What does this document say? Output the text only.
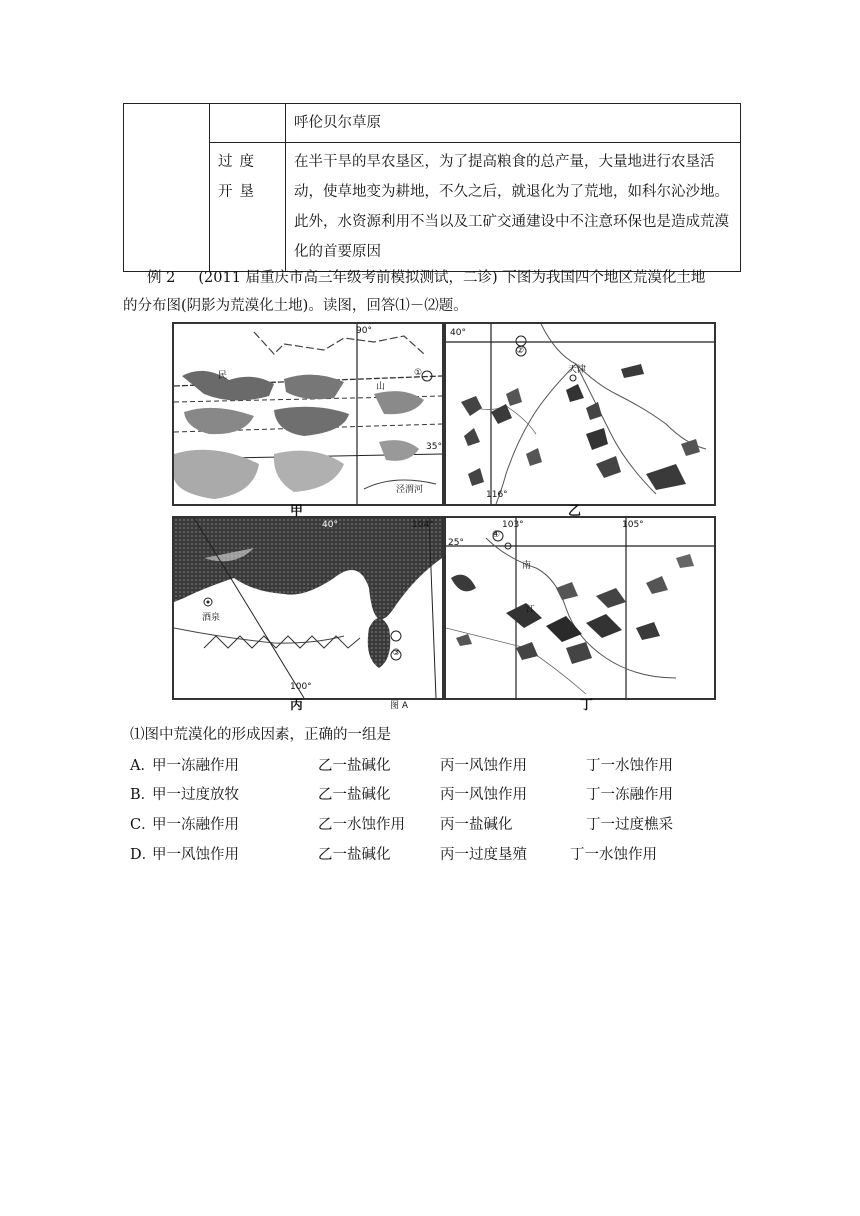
		呼伦贝尔草原

	过度开垦	在半干旱的旱农垦区，为了提高粮食的总产量，大量地进行农垦活动，使草地变为耕地，不久之后，就退化为了荒地，如科尔沁沙地。此外，水资源利用不当以及工矿交通建设中不注意环保也是造成荒漠化的首要原因
例 2 (2011 届重庆市高三年级考前模拟测试，二诊) 下图为我国四个地区荒漠化土地
的分布图(阴影为荒漠化土地)。读图，回答⑴－⑵题。
90°
①
35°
泾渭河
民
山
40°
②
天津
116°
40°	104°
酒泉
③
100°
103°
④
105°
25°
南
江
甲	乙
丙	图 A	丁
⑴图中荒漠化的形成因素，正确的一组是
A．
甲一冻融作用	乙一盐碱化	丙一风蚀作用	丁一水蚀作用
B．
甲一过度放牧	乙一盐碱化	丙一风蚀作用	丁一冻融作用
C．
甲一冻融作用	乙一水蚀作用 丙一盐碱化	丁一过度樵采
D．
甲一风蚀作用	乙一盐碱化	丙一过度垦殖	丁一水蚀作用
